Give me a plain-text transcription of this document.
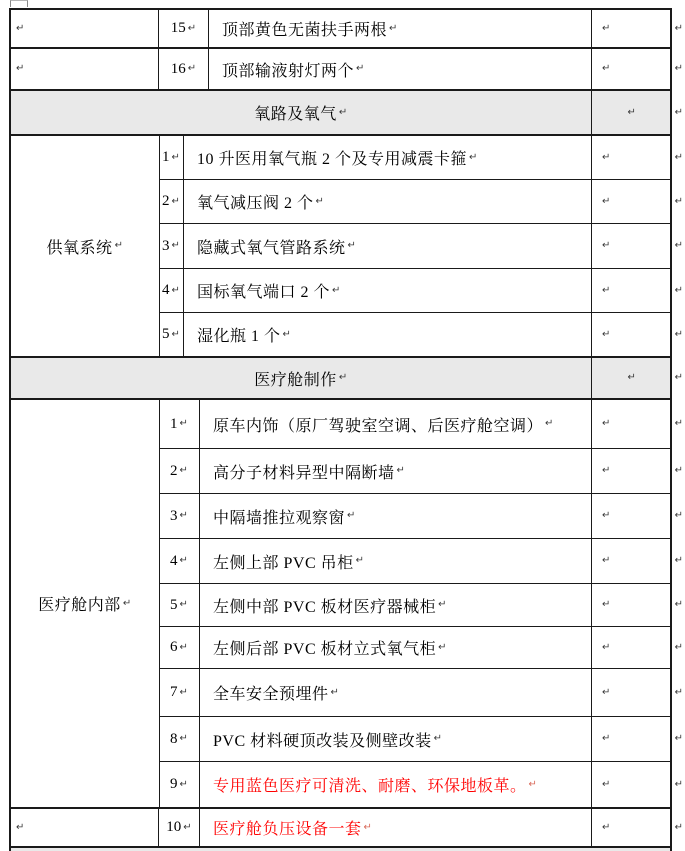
↵	15 ↵ 顶部黄色无菌扶手两根 ↵	↵	↵
↵	16 ↵ 顶部输液射灯两个 ↵	↵	↵
氧路及氧气 ↵	↵	↵
供氧系统 ↵
1 ↵ 10 升医用氧气瓶 2 个及专用减震卡箍 ↵	↵	↵
2 ↵ 氧气减压阀 2 个 ↵	↵	↵
3 ↵ 隐藏式氧气管路系统 ↵	↵	↵
4 ↵ 国标氧气端口 2 个 ↵	↵	↵
5 ↵ 湿化瓶 1 个 ↵	↵	↵
医疗舱制作 ↵	↵	↵
医疗舱内部 ↵
1 ↵ 原车内饰（原厂驾驶室空调、后医疗舱空调） ↵	↵	↵
2 ↵ 高分子材料异型中隔断墙 ↵	↵	↵
3 ↵ 中隔墙推拉观察窗 ↵	↵	↵
4 ↵ 左侧上部 PVC 吊柜 ↵	↵	↵
5 ↵ 左侧中部 PVC 板材医疗器械柜 ↵	↵	↵
6 ↵ 左侧后部 PVC 板材立式氧气柜 ↵	↵	↵
7 ↵ 全车安全预埋件 ↵	↵	↵
8 ↵ PVC 材料硬顶改装及侧壁改装 ↵	↵	↵
9 ↵ 专用蓝色医疗可清洗、耐磨、环保地板革。 ↵	↵	↵
↵	10 ↵ 医疗舱负压设备一套 ↵	↵	↵
